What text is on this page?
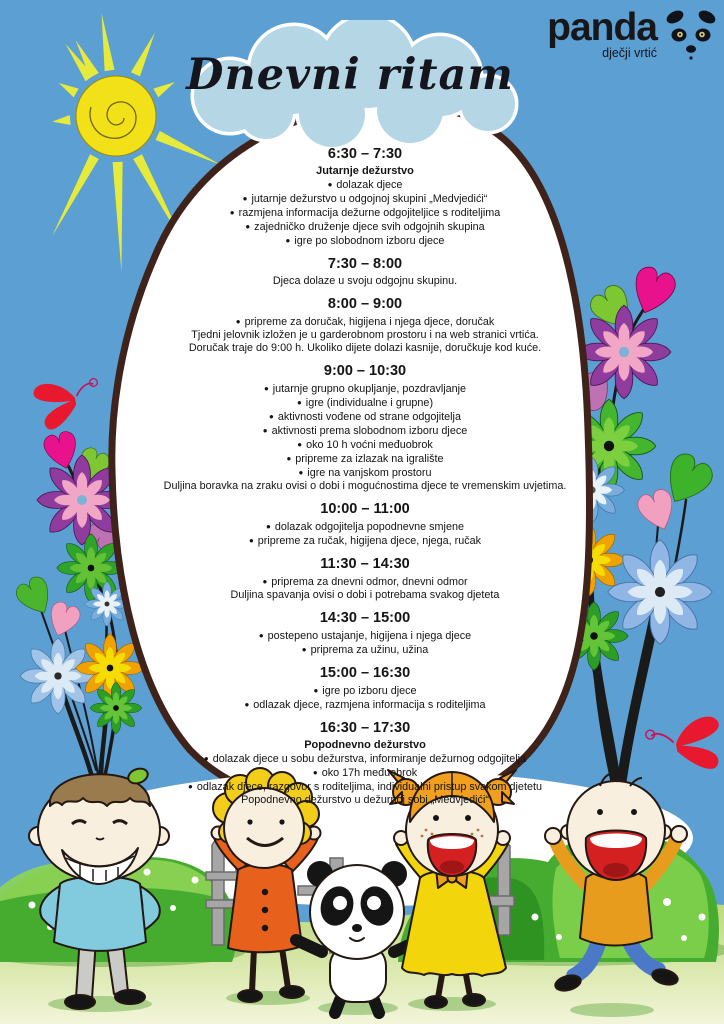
Dnevni ritam
panda
dječji vrtić
6:30 – 7:30
Jutarnje dežurstvo
● dolazak djece
● jutarnje dežurstvo u odgojnoj skupini „Medvjedići“
● razmjena informacija dežurne odgojiteljice s roditeljima
● zajedničko druženje djece svih odgojnih skupina
● igre po slobodnom izboru djece
7:30 – 8:00
Djeca dolaze u svoju odgojnu skupinu.
8:00 – 9:00
● pripreme za doručak, higijena i njega djece, doručak
Tjedni jelovnik izložen je u garderobnom prostoru i na web stranici vrtića.
Doručak traje do 9:00 h. Ukoliko dijete dolazi kasnije, doručkuje kod kuće.
9:00 – 10:30
● jutarnje grupno okupljanje, pozdravljanje
● igre (individualne i grupne)
● aktivnosti vođene od strane odgojitelja
● aktivnosti prema slobodnom izboru djece
● oko 10 h voćni međuobrok
● pripreme za izlazak na igralište
● igre na vanjskom prostoru
Duljina boravka na zraku ovisi o dobi i mogućnostima djece te vremenskim uvjetima.
10:00 – 11:00
● dolazak odgojitelja popodnevne smjene
● pripreme za ručak, higijena djece, njega, ručak
11:30 – 14:30
● priprema za dnevni odmor, dnevni odmor
Duljina spavanja ovisi o dobi i potrebama svakog djeteta
14:30 – 15:00
● postepeno ustajanje, higijena i njega djece
● priprema za užinu, užina
15:00 – 16:30
● igre po izboru djece
● odlazak djece, razmjena informacija s roditeljima
16:30 – 17:30
Popodnevno dežurstvo
● dolazak djece u sobu dežurstva, informiranje dežurnog odgojitelja
● oko 17h međuobrok
● odlazak djece, razgovor s roditeljima, individualni pristup svakom djetetu
Popodnevno dežurstvo u dežurnoj sobi „Medvjedići“
